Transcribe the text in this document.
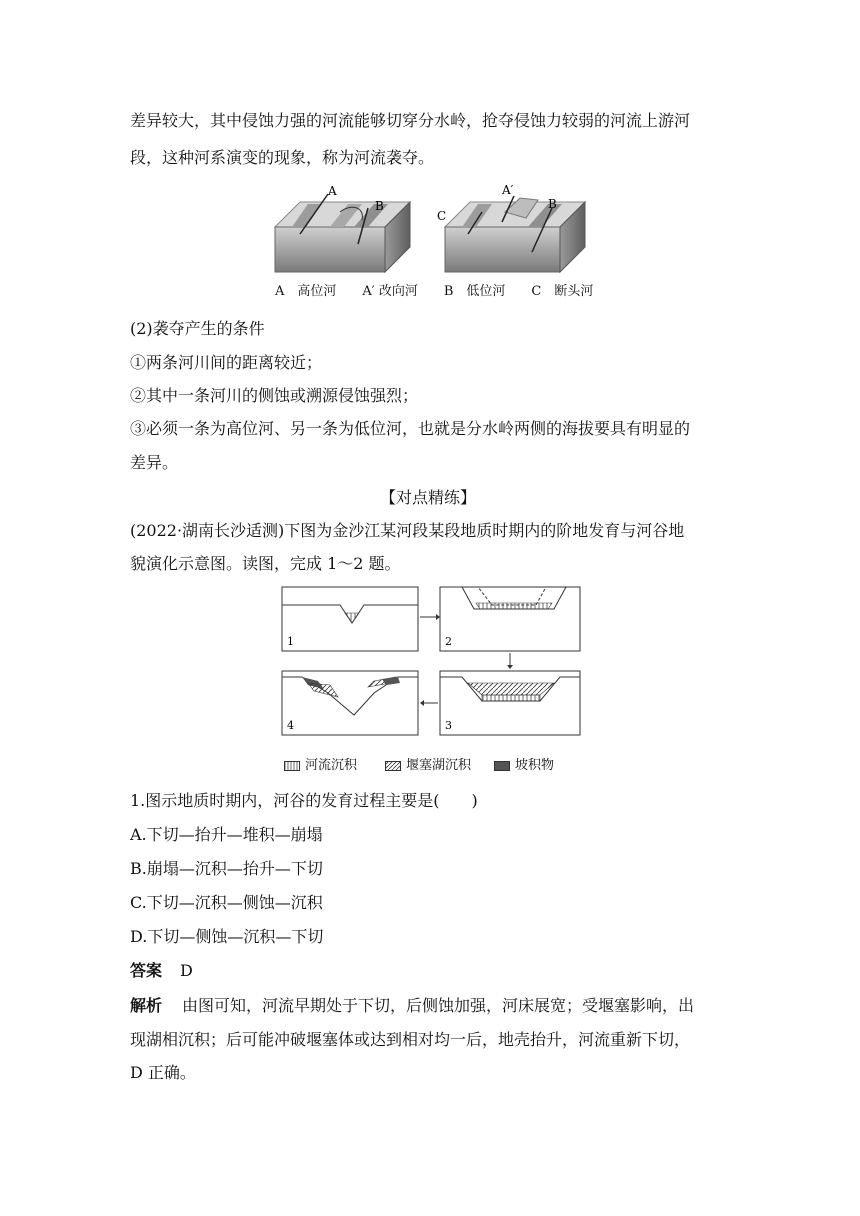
差异较大，其中侵蚀力强的河流能够切穿分水岭，抢夺侵蚀力较弱的河流上游河
段，这种河系演变的现象，称为河流袭夺。
A
B
A′
B
C
A　高位河　　A′ 改向河　　B　低位河　　C　断头河
(2)袭夺产生的条件
①两条河川间的距离较近；
②其中一条河川的侧蚀或溯源侵蚀强烈；
③必须一条为高位河、另一条为低位河，也就是分水岭两侧的海拔要具有明显的
差异。
【对点精练】
(2022·湖南长沙适测)下图为金沙江某河段某段地质时期内的阶地发育与河谷地
貌演化示意图。读图，完成 1～2 题。
1	2
3
4
河流沉积	堰塞湖沉积	坡积物
1.图示地质时期内，河谷的发育过程主要是(　　)
A.下切—抬升—堆积—崩塌
B.崩塌—沉积—抬升—下切
C.下切—沉积—侧蚀—沉积
D.下切—侧蚀—沉积—下切
答案 D
解析 由图可知，河流早期处于下切，后侧蚀加强，河床展宽；受堰塞影响，出
现湖相沉积；后可能冲破堰塞体或达到相对均一后，地壳抬升，河流重新下切，
D 正确。
